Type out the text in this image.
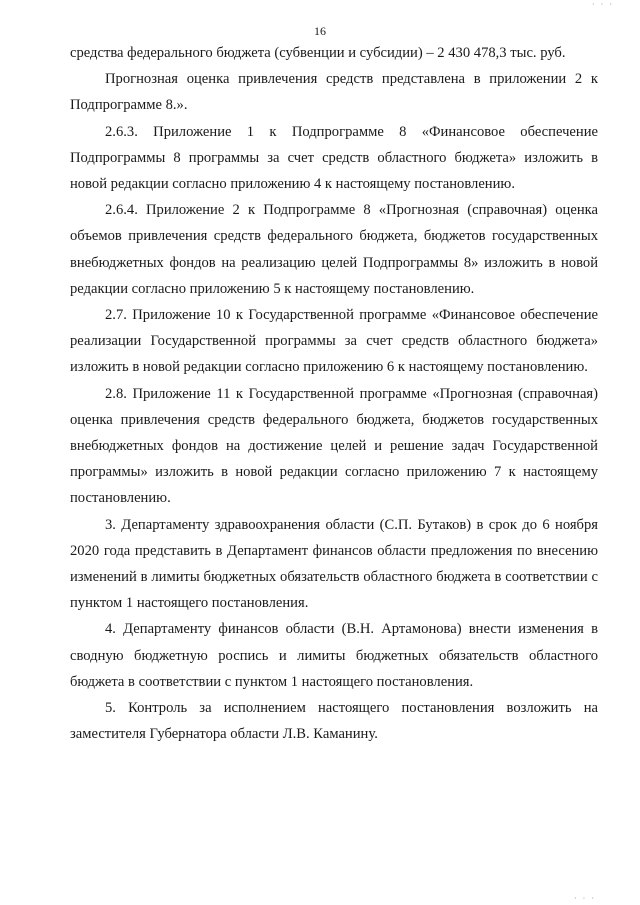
· · ·
16

средства федерального бюджета (субвенции и субсидии) – 2 430 478,3 тыс. руб.

Прогнозная оценка привлечения средств представлена в приложении 2 к Подпрограмме 8.».

2.6.3. Приложение 1 к Подпрограмме 8 «Финансовое обеспечение Подпрограммы 8 программы за счет средств областного бюджета» изложить в новой редакции согласно приложению 4 к настоящему постановлению.

2.6.4. Приложение 2 к Подпрограмме 8 «Прогнозная (справочная) оценка объемов привлечения средств федерального бюджета, бюджетов государственных внебюджетных фондов на реализацию целей Подпрограммы 8» изложить в новой редакции согласно приложению 5 к настоящему постановлению.

2.7. Приложение 10 к Государственной программе «Финансовое обеспечение реализации Государственной программы за счет средств областного бюджета» изложить в новой редакции согласно приложению 6 к настоящему постановлению.

2.8. Приложение 11 к Государственной программе «Прогнозная (справочная) оценка привлечения средств федерального бюджета, бюджетов государственных внебюджетных фондов на достижение целей и решение задач Государственной программы» изложить в новой редакции согласно приложению 7 к настоящему постановлению.

3. Департаменту здравоохранения области (С.П. Бутаков) в срок до 6 ноября 2020 года представить в Департамент финансов области предложения по внесению изменений в лимиты бюджетных обязательств областного бюджета в соответствии с пунктом 1 настоящего постановления.

4. Департаменту финансов области (В.Н. Артамонова) внести изменения в сводную бюджетную роспись и лимиты бюджетных обязательств областного бюджета в соответствии с пунктом 1 настоящего постановления.

5. Контроль за исполнением настоящего постановления возложить на заместителя Губернатора области Л.В. Каманину.

· · ·
